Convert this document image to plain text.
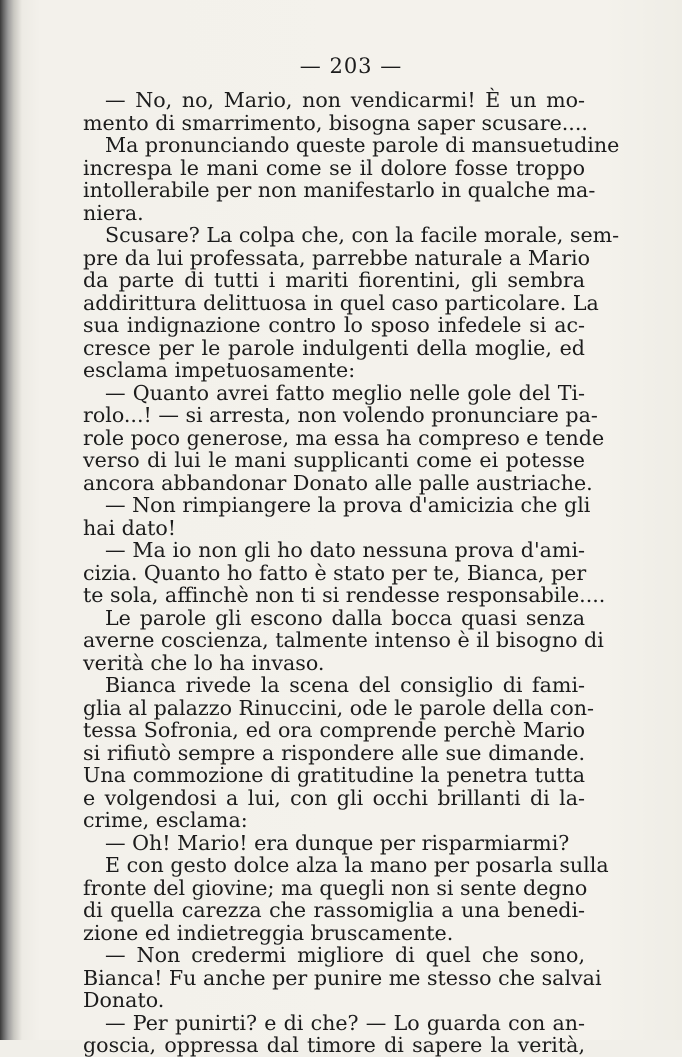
— 203 —
— No, no, Mario, non vendicarmi! È un mo-
mento di smarrimento, bisogna saper scusare....
Ma pronunciando queste parole di mansuetudine
increspa le mani come se il dolore fosse troppo
intollerabile per non manifestarlo in qualche ma-
niera.
Scusare? La colpa che, con la facile morale, sem-
pre da lui professata, parrebbe naturale a Mario
da parte di tutti i mariti fiorentini, gli sembra
addirittura delittuosa in quel caso particolare. La
sua indignazione contro lo sposo infedele si ac-
cresce per le parole indulgenti della moglie, ed
esclama impetuosamente:
— Quanto avrei fatto meglio nelle gole del Ti-
rolo...! — si arresta, non volendo pronunciare pa-
role poco generose, ma essa ha compreso e tende
verso di lui le mani supplicanti come ei potesse
ancora abbandonar Donato alle palle austriache.
— Non rimpiangere la prova d'amicizia che gli
hai dato!
— Ma io non gli ho dato nessuna prova d'ami-
cizia. Quanto ho fatto è stato per te, Bianca, per
te sola, affinchè non ti si rendesse responsabile....
Le parole gli escono dalla bocca quasi senza
averne coscienza, talmente intenso è il bisogno di
verità che lo ha invaso.
Bianca rivede la scena del consiglio di fami-
glia al palazzo Rinuccini, ode le parole della con-
tessa Sofronia, ed ora comprende perchè Mario
si rifiutò sempre a rispondere alle sue dimande.
Una commozione di gratitudine la penetra tutta
e volgendosi a lui, con gli occhi brillanti di la-
crime, esclama:
— Oh! Mario! era dunque per risparmiarmi?
E con gesto dolce alza la mano per posarla sulla
fronte del giovine; ma quegli non si sente degno
di quella carezza che rassomiglia a una benedi-
zione ed indietreggia bruscamente.
— Non credermi migliore di quel che sono,
Bianca! Fu anche per punire me stesso che salvai
Donato.
— Per punirti? e di che? — Lo guarda con an-
goscia, oppressa dal timore di sapere la verità,
